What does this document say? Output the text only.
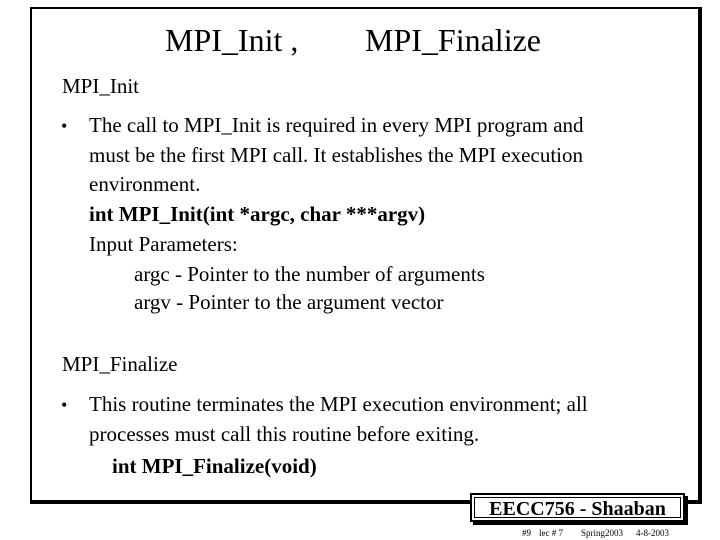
MPI_Init , MPI_Finalize
MPI_Init
• The call to MPI_Init is required in every MPI program and
must be the first MPI call. It establishes the MPI execution
environment.
int MPI_Init(int *argc, char ***argv)
Input Parameters:
argc - Pointer to the number of arguments
argv - Pointer to the argument vector
MPI_Finalize
• This routine terminates the MPI execution environment; all
processes must call this routine before exiting.
int MPI_Finalize(void)
EECC756 - Shaaban
#9 lec # 7 Spring2003 4-8-2003
